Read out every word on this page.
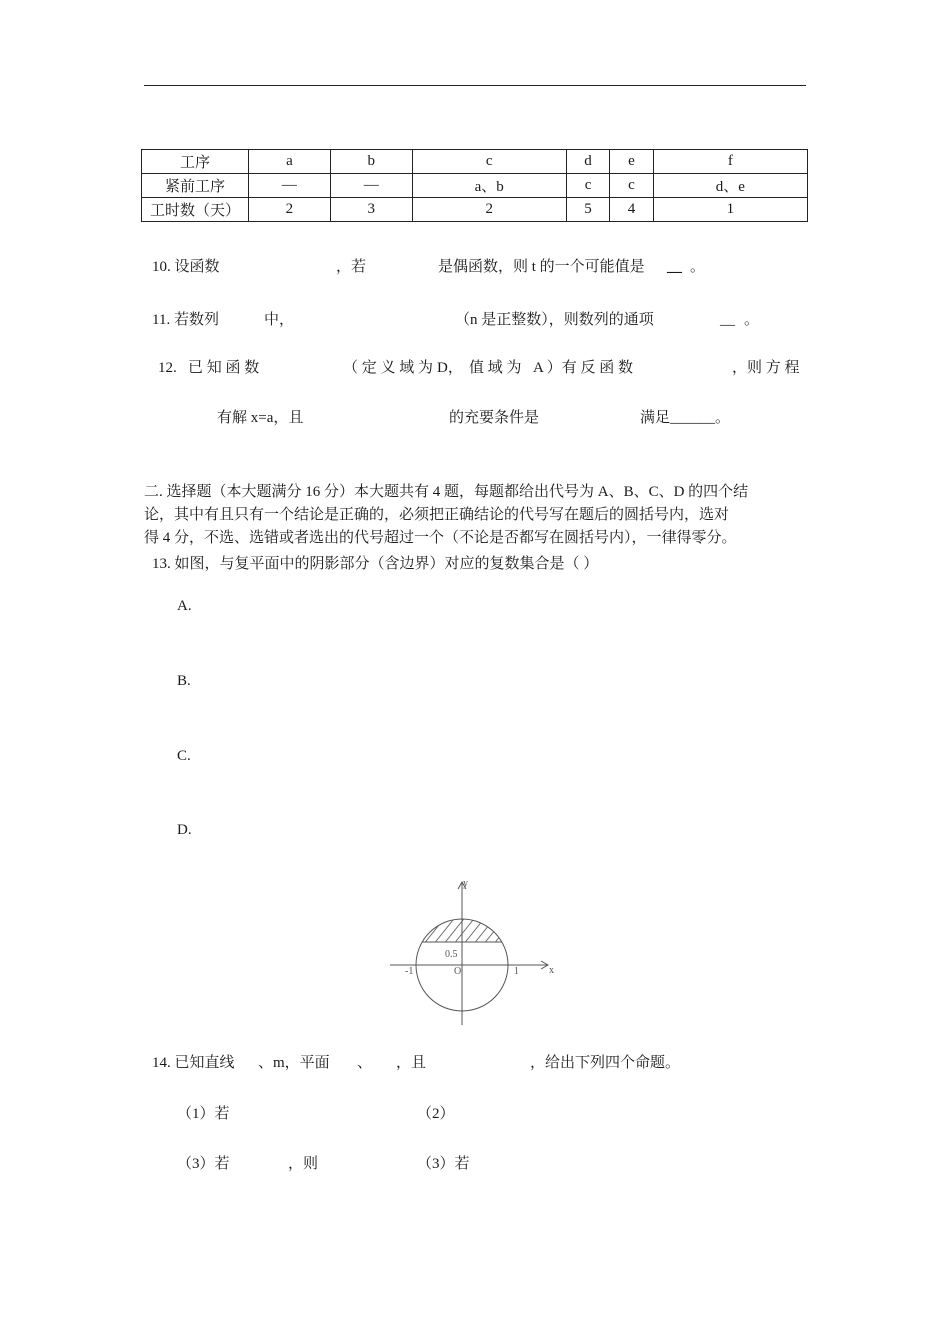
工序	a	b	c	d	e	f
紧前工序	—	—	a、b	c	c	d、e
工时数（天）	2	3	2	5	4	1
10. 设函数	，若	是偶函数，则 t 的一个可能值是 __ 。
11. 若数列	中，	（n 是正整数），则数列的通项	__ 。
12. 已 知 函 数	（ 定 义 域 为 D， 值 域 为 A ）有 反 函 数	，则 方 程
有解 x=a，且	的充要条件是	满足______。
二. 选择题（本大题满分 16 分）本大题共有 4 题，每题都给出代号为 A、B、C、D 的四个结
论，其中有且只有一个结论是正确的，必须把正确结论的代号写在题后的圆括号内，选对
得 4 分，不选、选错或者选出的代号超过一个（不论是否都写在圆括号内），一律得零分。
13. 如图，与复平面中的阴影部分（含边界）对应的复数集合是（ ）
A.
B.
C.
D.
y
x
O
-1	1
0.5
14. 已知直线 、m，平面 、 ，且	，给出下列四个命题。
（1）若	（2）
（3）若	，则	（3）若
